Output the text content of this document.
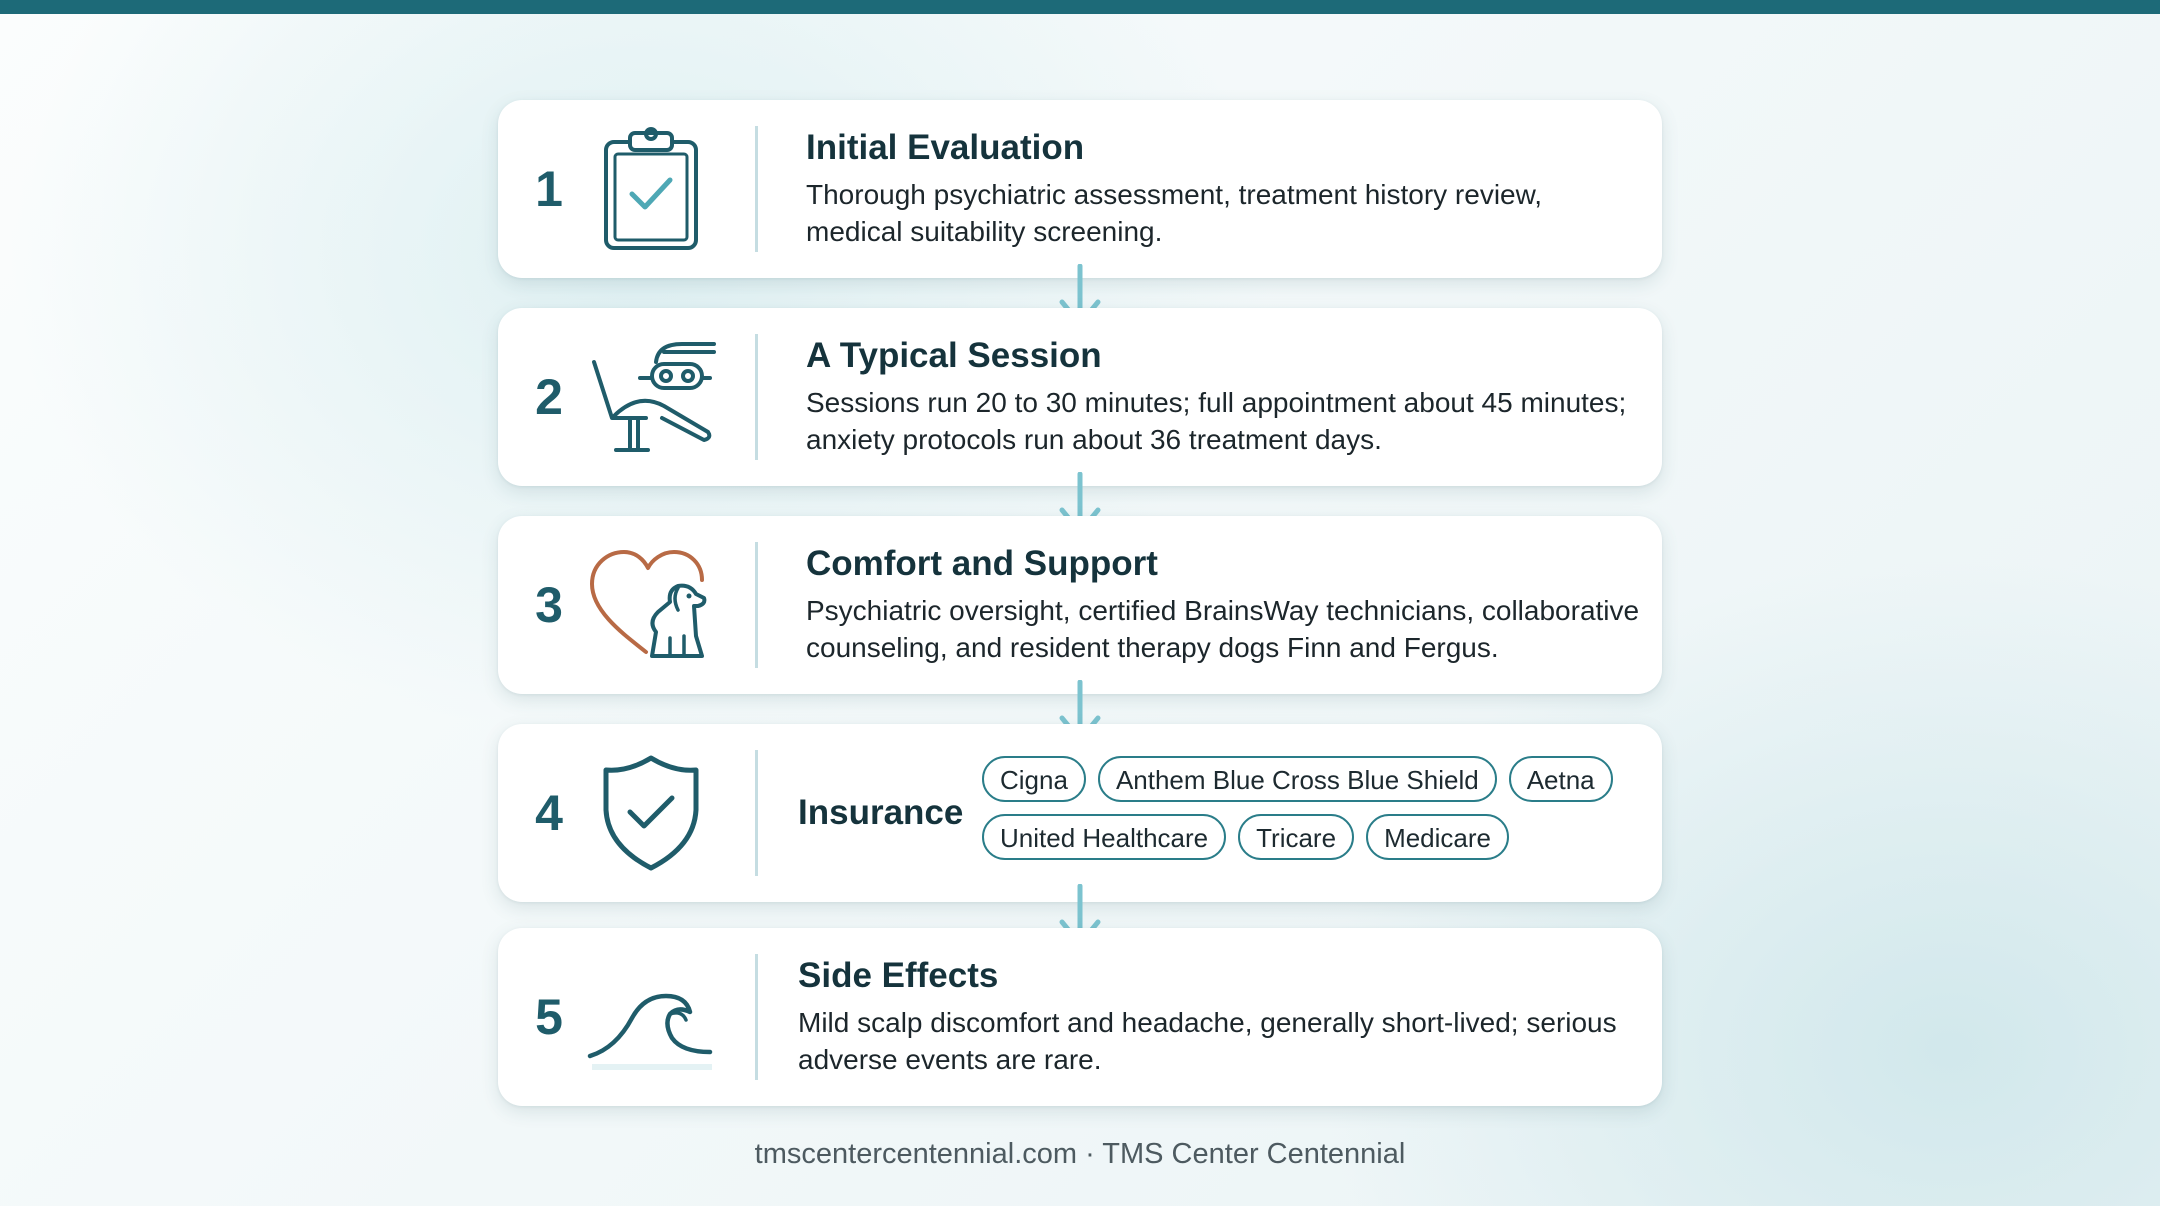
1
Initial Evaluation
Thorough psychiatric assessment, treatment history review, medical suitability screening.
2
A Typical Session
Sessions run 20 to 30 minutes; full appointment about 45 minutes; anxiety protocols run about 36 treatment days.
3
Comfort and Support
Psychiatric oversight, certified BrainsWay technicians, collaborative counseling, and resident therapy dogs Finn and Fergus.
4	Insurance
Cigna	Anthem Blue Cross Blue Shield	Aetna
United Healthcare	Tricare	Medicare
5
Side Effects
Mild scalp discomfort and headache, generally short-lived; serious adverse events are rare.
tmscentercentennial.com · TMS Center Centennial
